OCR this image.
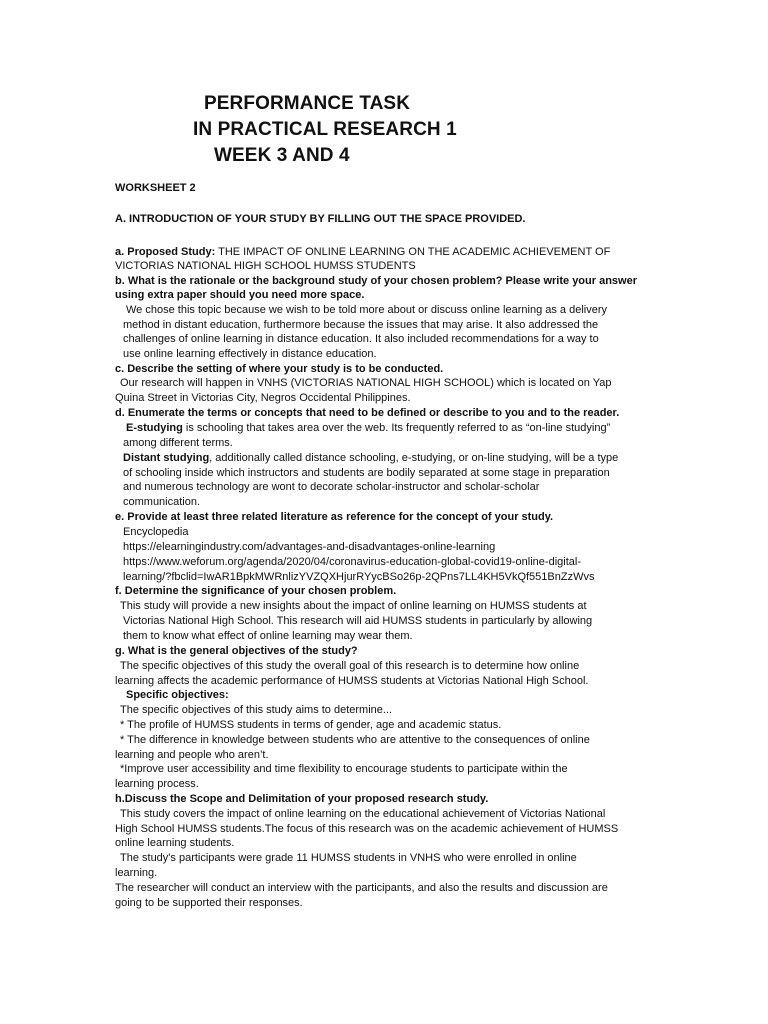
PERFORMANCE TASK
IN PRACTICAL RESEARCH 1
WEEK 3 AND 4
WORKSHEET 2
A. INTRODUCTION OF YOUR STUDY BY FILLING OUT THE SPACE PROVIDED.
a. Proposed Study: THE IMPACT OF ONLINE LEARNING ON THE ACADEMIC ACHIEVEMENT OF
VICTORIAS NATIONAL HIGH SCHOOL HUMSS STUDENTS
b. What is the rationale or the background study of your chosen problem? Please write your answer
using extra paper should you need more space.
We chose this topic because we wish to be told more about or discuss online learning as a delivery
method in distant education, furthermore because the issues that may arise. It also addressed the
challenges of online learning in distance education. It also included recommendations for a way to
use online learning effectively in distance education.
c. Describe the setting of where your study is to be conducted.
Our research will happen in VNHS (VICTORIAS NATIONAL HIGH SCHOOL) which is located on Yap
Quina Street in Victorias City, Negros Occidental Philippines.
d. Enumerate the terms or concepts that need to be defined or describe to you and to the reader.
E-studying is schooling that takes area over the web. Its frequently referred to as “on-line studying”
among different terms.
Distant studying, additionally called distance schooling, e-studying, or on-line studying, will be a type
of schooling inside which instructors and students are bodily separated at some stage in preparation
and numerous technology are wont to decorate scholar-instructor and scholar-scholar
communication.
e. Provide at least three related literature as reference for the concept of your study.
Encyclopedia
https://elearningindustry.com/advantages-and-disadvantages-online-learning
https://www.weforum.org/agenda/2020/04/coronavirus-education-global-covid19-online-digital-
learning/?fbclid=IwAR1BpkMWRnlizYVZQXHjurRYycBSo26p-2QPns7LL4KH5VkQf551BnZzWvs
f. Determine the significance of your chosen problem.
This study will provide a new insights about the impact of online learning on HUMSS students at
Victorias National High School. This research will aid HUMSS students in particularly by allowing
them to know what effect of online learning may wear them.
g. What is the general objectives of the study?
The specific objectives of this study the overall goal of this research is to determine how online
learning affects the academic performance of HUMSS students at Victorias National High School.
Specific objectives:
The specific objectives of this study aims to determine...
* The profile of HUMSS students in terms of gender, age and academic status.
* The difference in knowledge between students who are attentive to the consequences of online
learning and people who aren’t.
*Improve user accessibility and time flexibility to encourage students to participate within the
learning process.
h.Discuss the Scope and Delimitation of your proposed research study.
This study covers the impact of online learning on the educational achievement of Victorias National
High School HUMSS students.The focus of this research was on the academic achievement of HUMSS
online learning students.
The study's participants were grade 11 HUMSS students in VNHS who were enrolled in online
learning.
The researcher will conduct an interview with the participants, and also the results and discussion are
going to be supported their responses.
